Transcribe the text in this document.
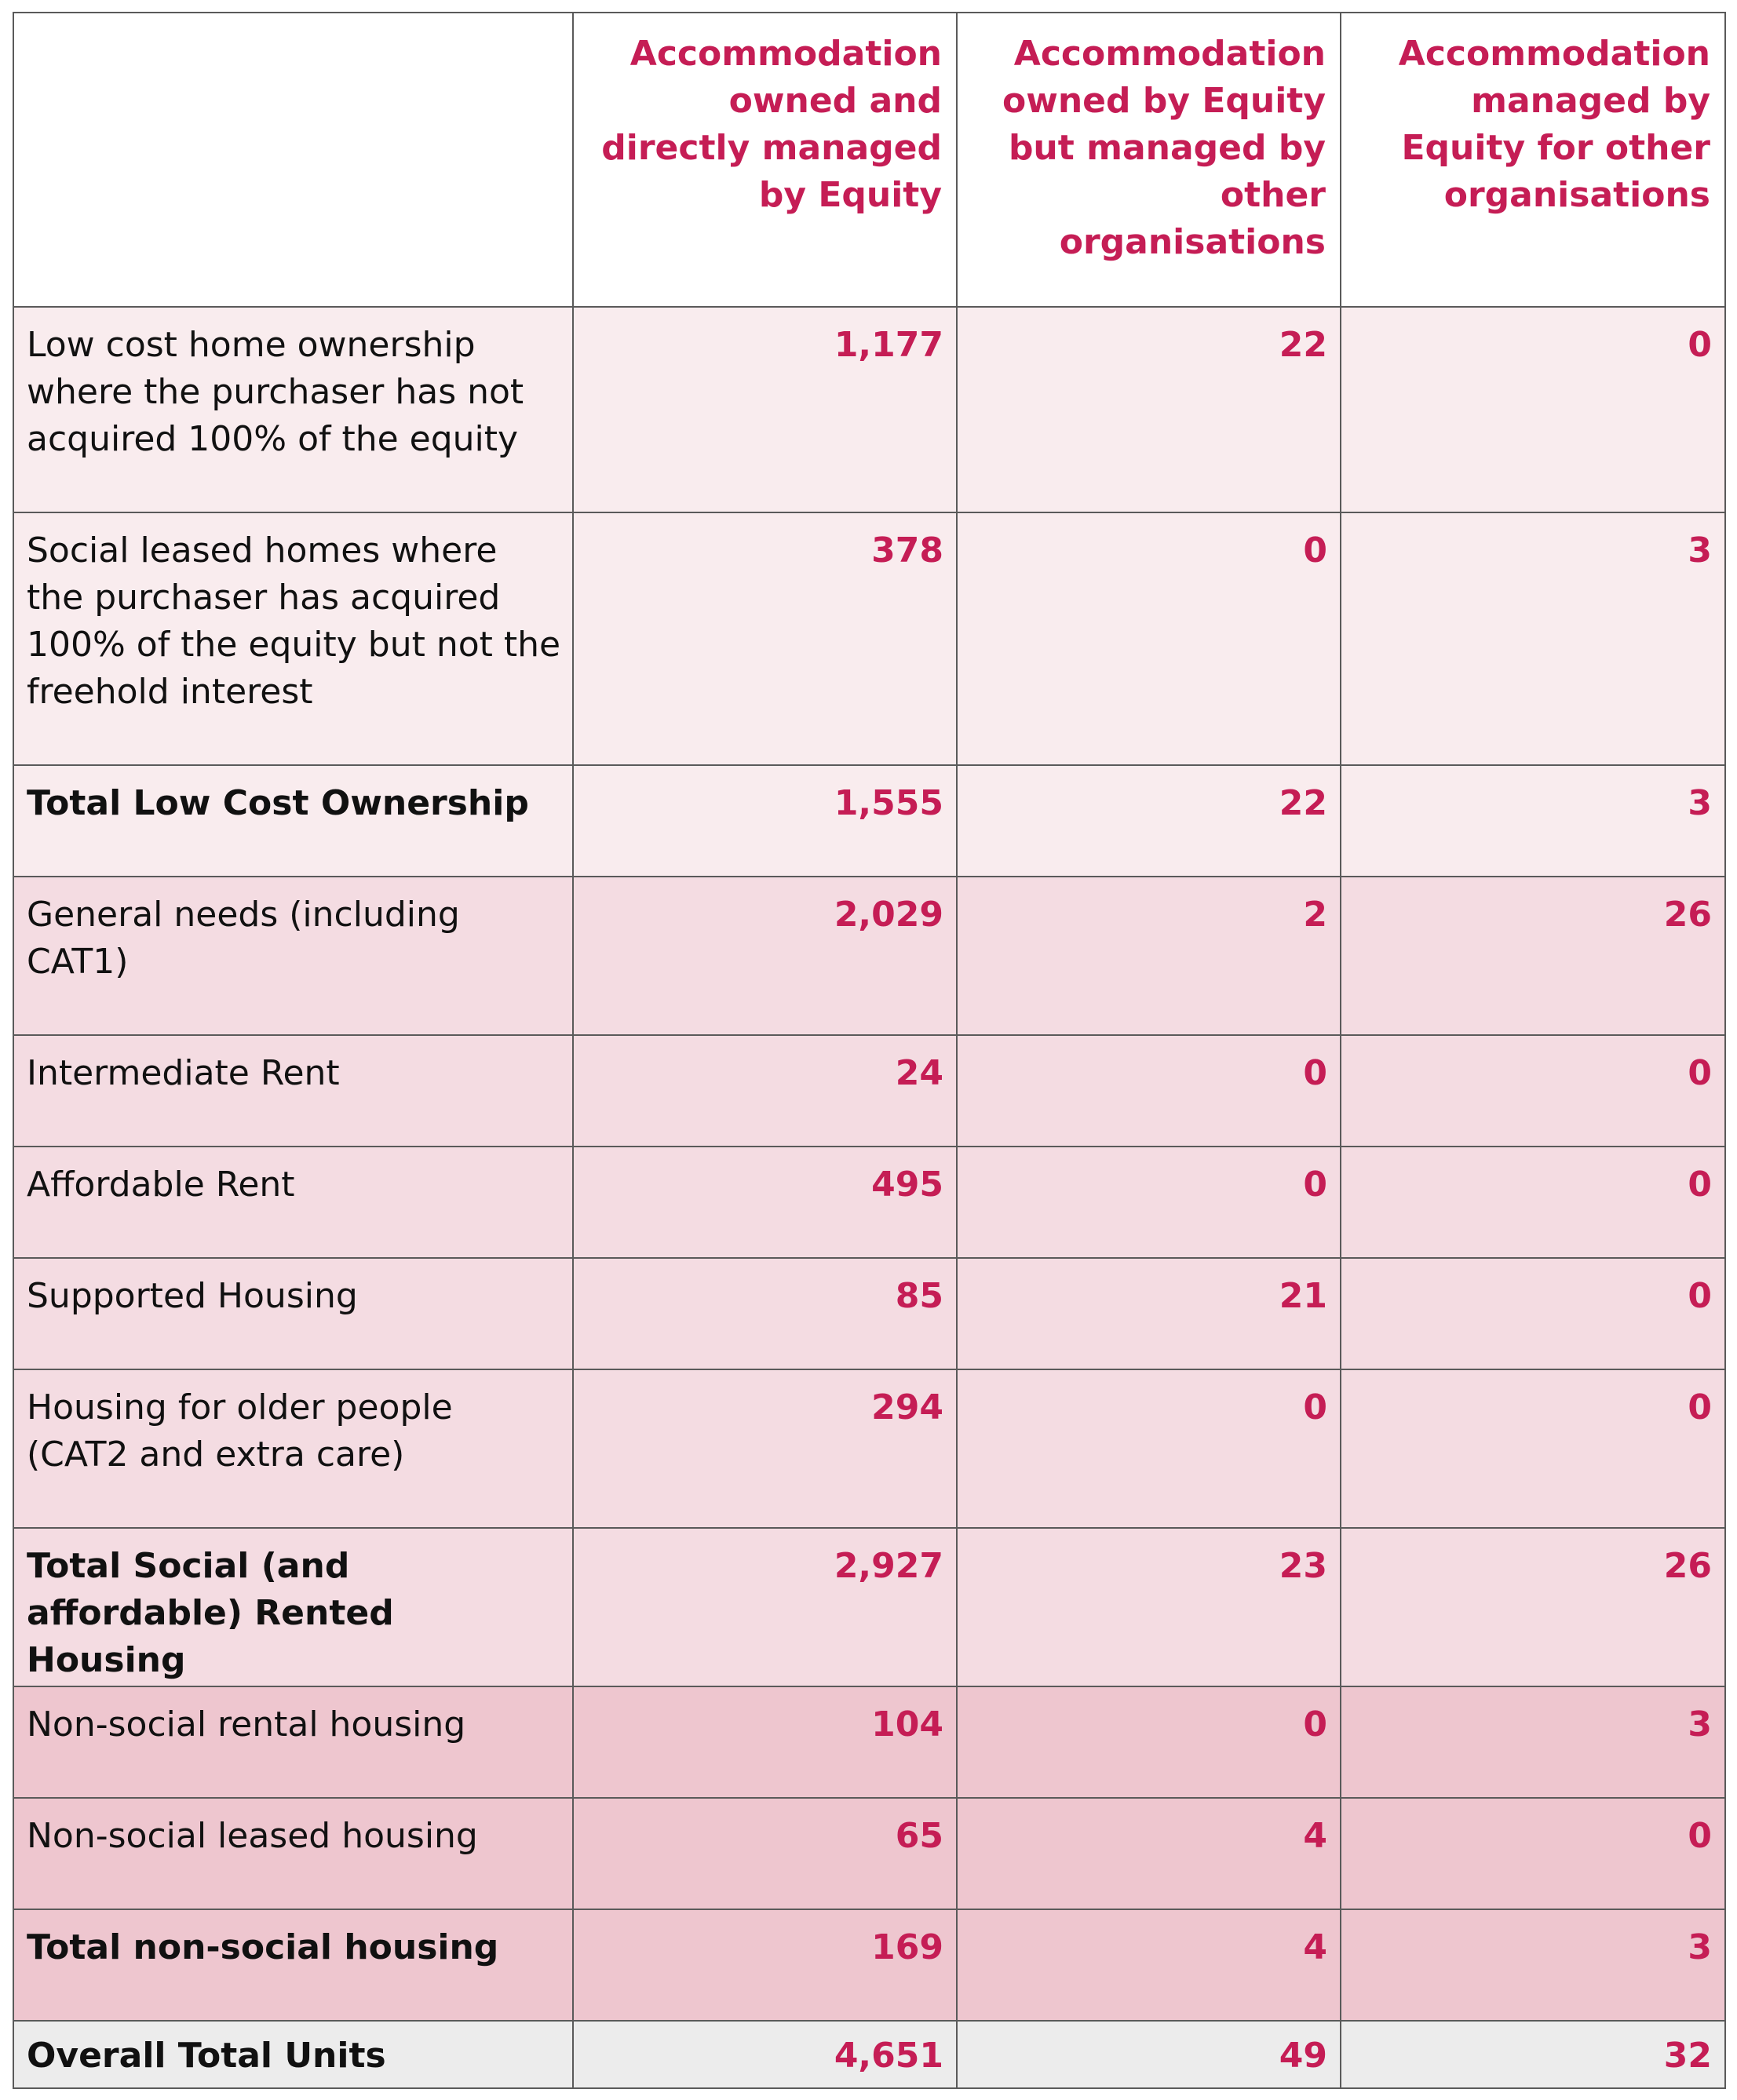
	Accommodation owned and directly managed by Equity	Accommodation owned by Equity but managed by other organisations	Accommodation managed by Equity for other organisations
Low cost home ownership where the purchaser has not acquired 100% of the equity	1,177	22	0
Social leased homes where the purchaser has acquired 100% of the equity but not the freehold interest	378	0	3
Total Low Cost Ownership	1,555	22	3
General needs (including CAT1)	2,029	2	26
Intermediate Rent	24	0	0
Affordable Rent	495	0	0
Supported Housing	85	21	0
Housing for older people (CAT2 and extra care)	294	0	0
Total Social (and affordable) Rented Housing	2,927	23	26
Non-social rental housing	104	0	3
Non-social leased housing	65	4	0
Total non-social housing	169	4	3
Overall Total Units	4,651	49	32
